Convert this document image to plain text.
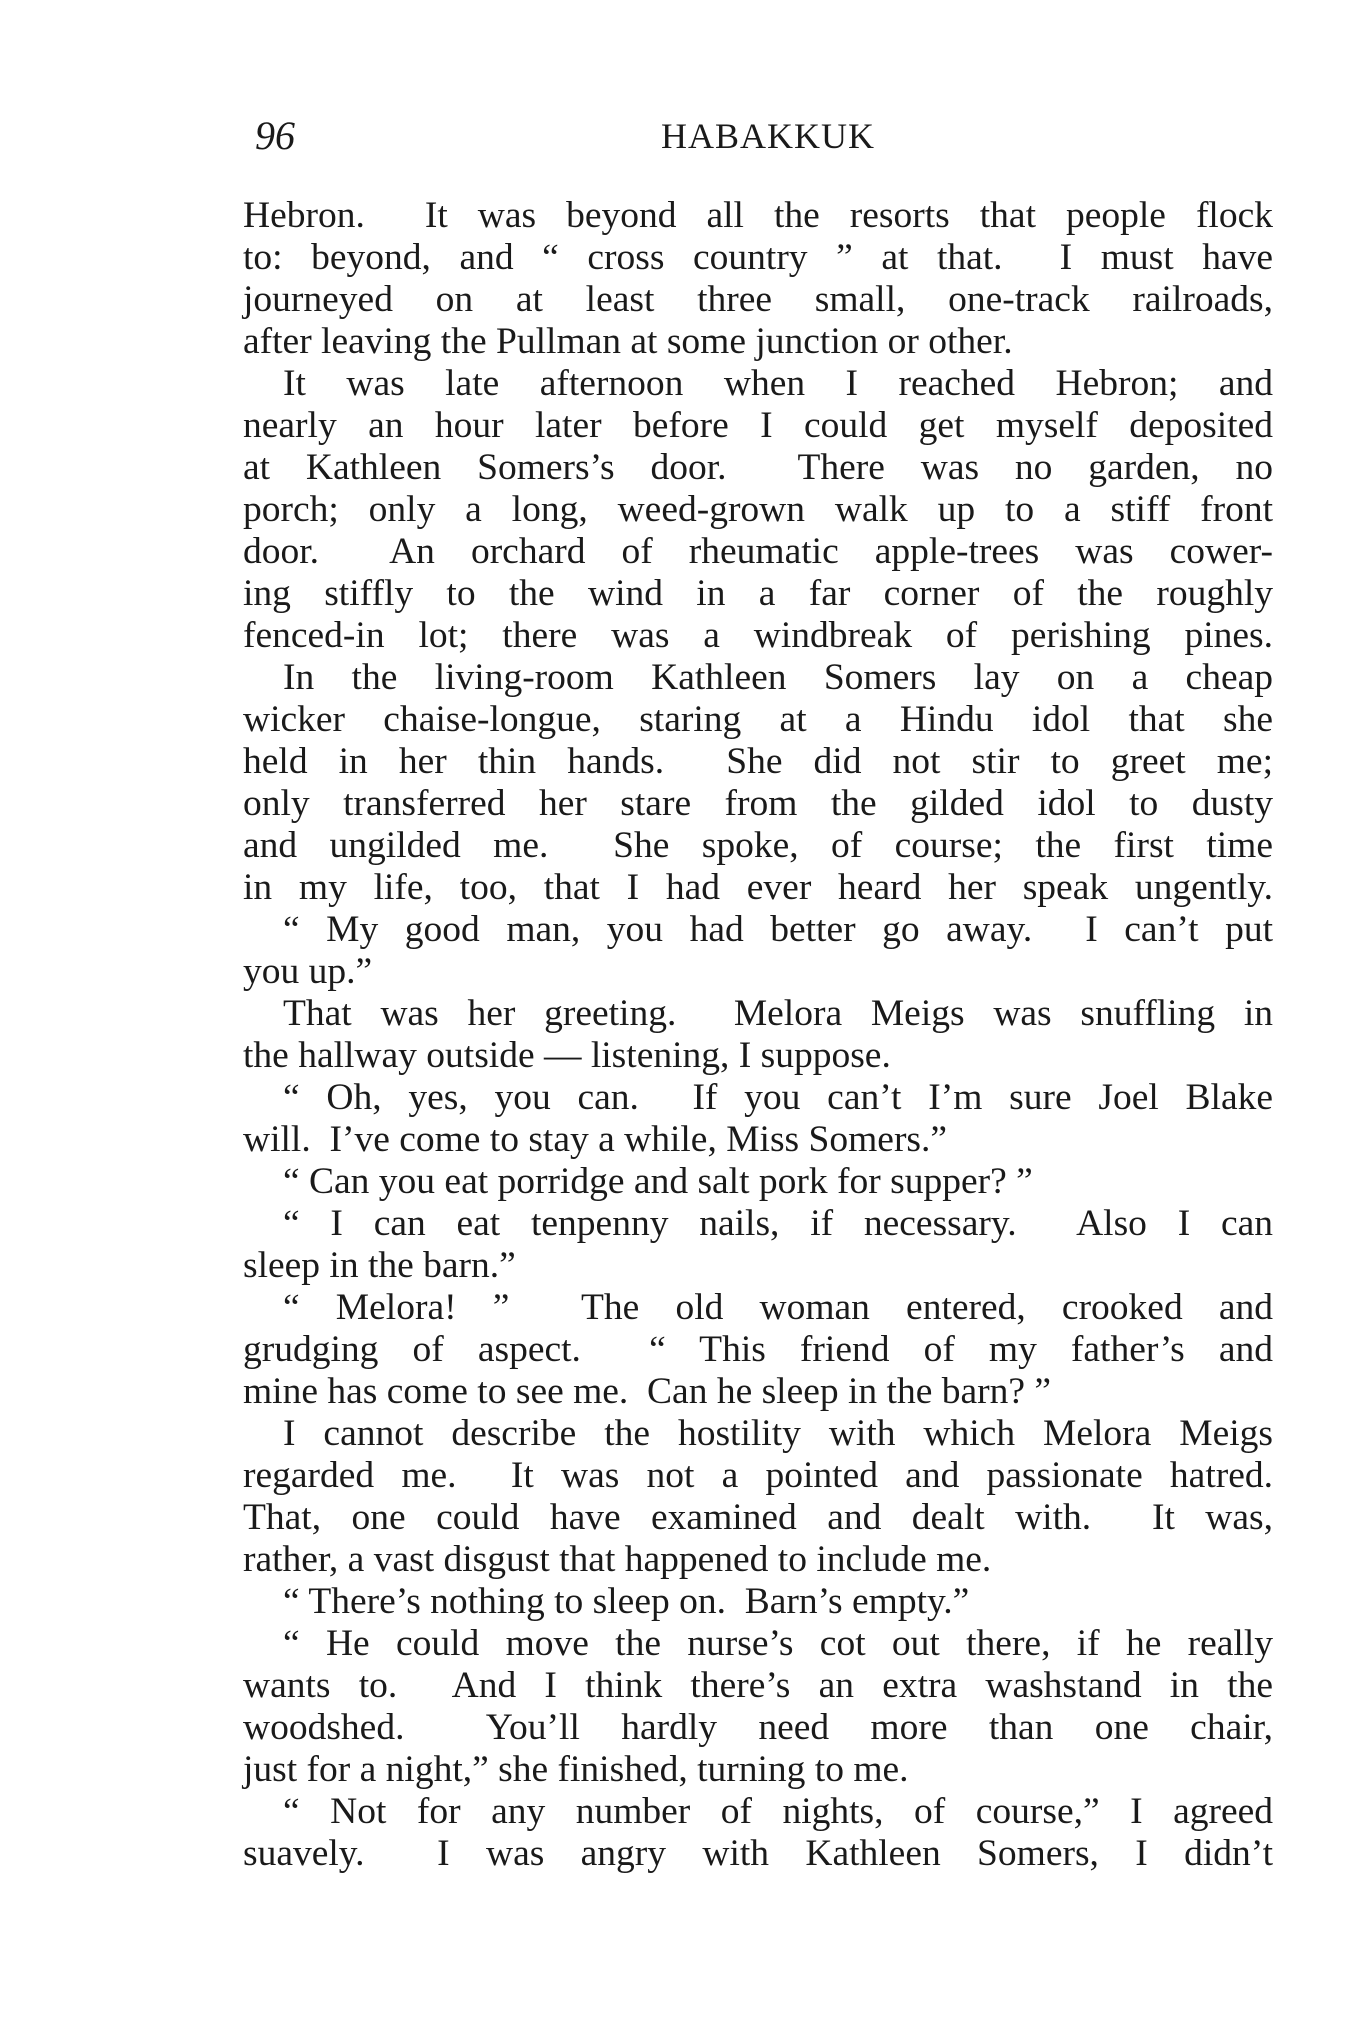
96	HABAKKUK
Hebron.  It was beyond all the resorts that people flock
to: beyond, and “ cross country ” at that.  I must have
journeyed on at least three small, one-track railroads,
after leaving the Pullman at some junction or other.
It was late afternoon when I reached Hebron; and
nearly an hour later before I could get myself deposited
at Kathleen Somers’s door.  There was no garden, no
porch; only a long, weed-grown walk up to a stiff front
door.  An orchard of rheumatic apple-trees was cower-
ing stiffly to the wind in a far corner of the roughly
fenced-in lot; there was a windbreak of perishing pines.
In the living-room Kathleen Somers lay on a cheap
wicker chaise-longue, staring at a Hindu idol that she
held in her thin hands.  She did not stir to greet me;
only transferred her stare from the gilded idol to dusty
and ungilded me.  She spoke, of course; the first time
in my life, too, that I had ever heard her speak ungently.
“ My good man, you had better go away.  I can’t put
you up.”
That was her greeting.  Melora Meigs was snuffling in
the hallway outside — listening, I suppose.
“ Oh, yes, you can.  If you can’t I’m sure Joel Blake
will.  I’ve come to stay a while, Miss Somers.”
“ Can you eat porridge and salt pork for supper? ”
“ I can eat tenpenny nails, if necessary.  Also I can
sleep in the barn.”
“ Melora! ”  The old woman entered, crooked and
grudging of aspect.  “ This friend of my father’s and
mine has come to see me.  Can he sleep in the barn? ”
I cannot describe the hostility with which Melora Meigs
regarded me.  It was not a pointed and passionate hatred.
That, one could have examined and dealt with.  It was,
rather, a vast disgust that happened to include me.
“ There’s nothing to sleep on.  Barn’s empty.”
“ He could move the nurse’s cot out there, if he really
wants to.  And I think there’s an extra washstand in the
woodshed.  You’ll hardly need more than one chair,
just for a night,” she finished, turning to me.
“ Not for any number of nights, of course,” I agreed
suavely.  I was angry with Kathleen Somers, I didn’t
